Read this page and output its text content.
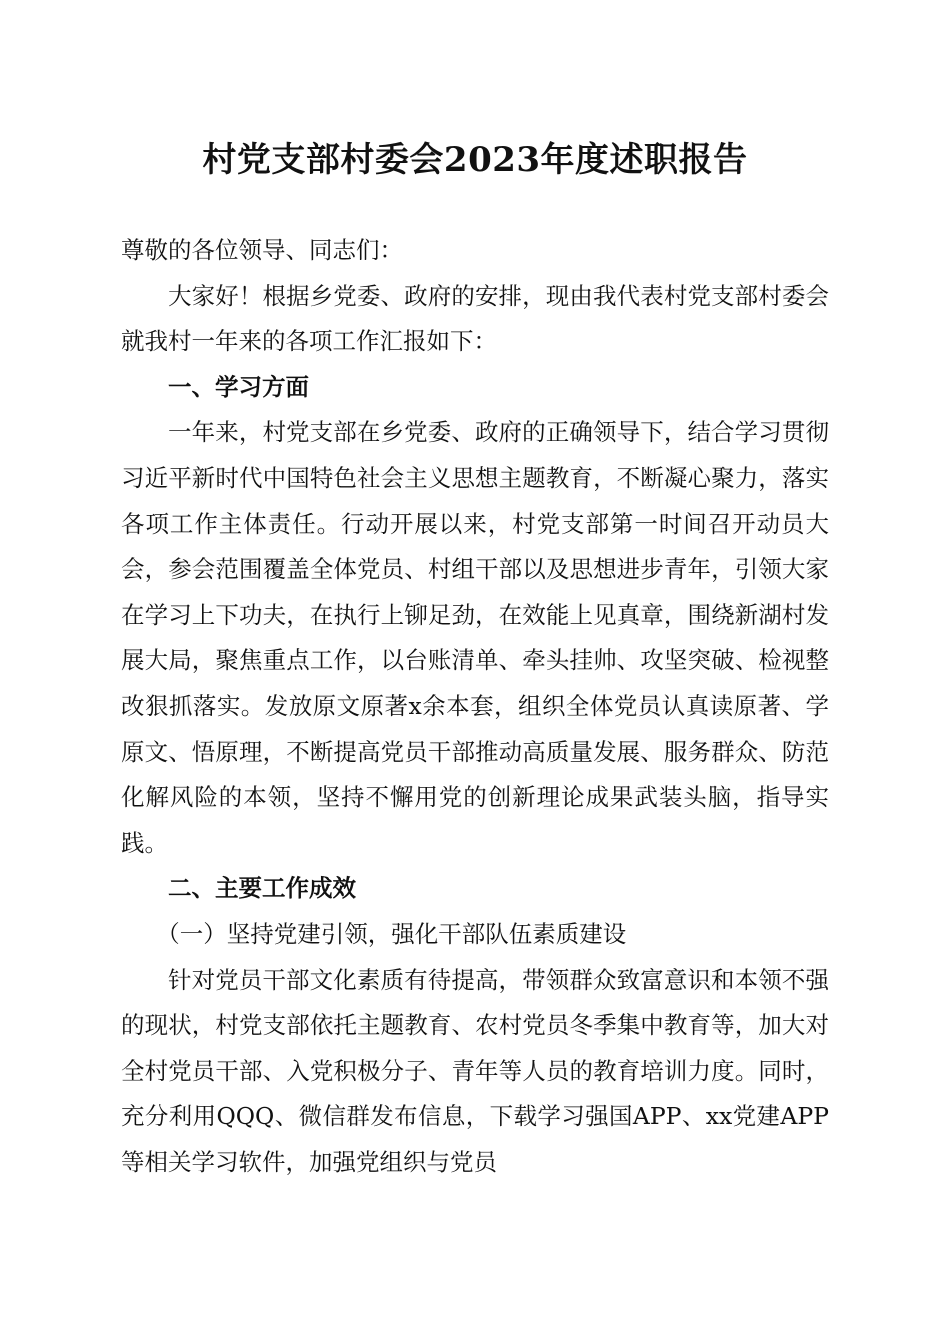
村党支部村委会2023年度述职报告

尊敬的各位领导、同志们：

大家好！根据乡党委、政府的安排，现由我代表村党支部村委会就我村一年来的各项工作汇报如下：

一、学习方面

一年来，村党支部在乡党委、政府的正确领导下，结合学习贯彻习近平新时代中国特色社会主义思想主题教育，不断凝心聚力，落实各项工作主体责任。行动开展以来，村党支部第一时间召开动员大会，参会范围覆盖全体党员、村组干部以及思想进步青年，引领大家在学习上下功夫，在执行上铆足劲，在效能上见真章，围绕新湖村发展大局，聚焦重点工作，以台账清单、牵头挂帅、攻坚突破、检视整改狠抓落实。发放原文原著x余本套，组织全体党员认真读原著、学原文、悟原理，不断提高党员干部推动高质量发展、服务群众、防范化解风险的本领，坚持不懈用党的创新理论成果武装头脑，指导实践。

二、主要工作成效

（一）坚持党建引领，强化干部队伍素质建设

针对党员干部文化素质有待提高，带领群众致富意识和本领不强的现状，村党支部依托主题教育、农村党员冬季集中教育等，加大对全村党员干部、入党积极分子、青年等人员的教育培训力度。同时，充分利用QQQ、微信群发布信息，下载学习强国APP、xx党建APP等相关学习软件，加强党组织与党员
